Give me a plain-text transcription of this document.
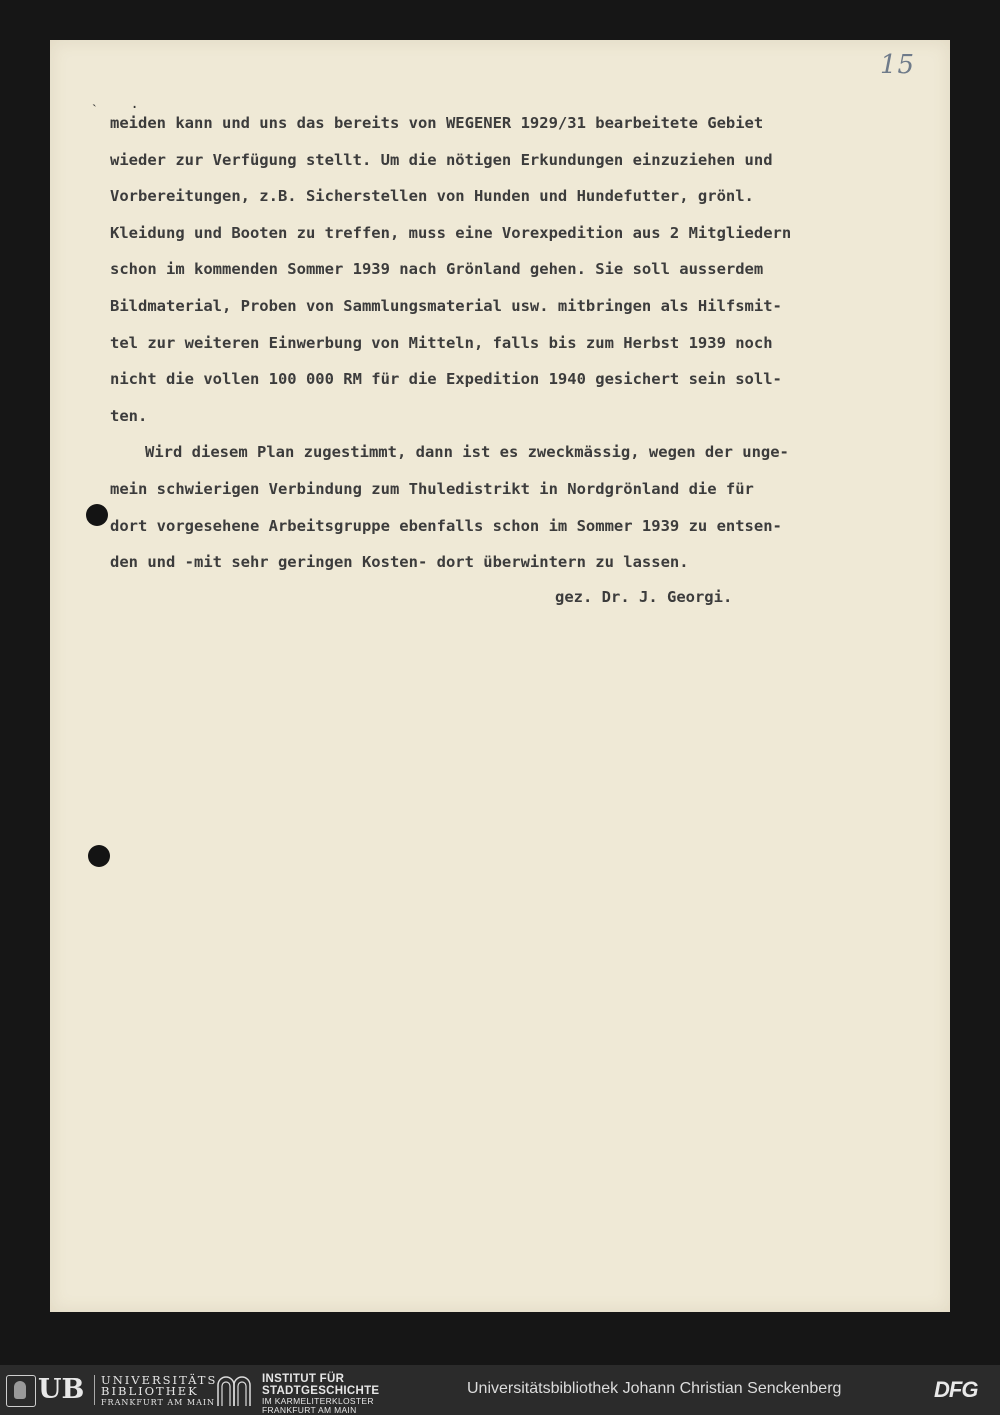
15
˴    .
meiden kann und uns das bereits von WEGENER 1929/31 bearbeitete Gebiet
wieder zur Verfügung stellt. Um die nötigen Erkundungen einzuziehen und
Vorbereitungen, z.B. Sicherstellen von Hunden und Hundefutter, grönl.
Kleidung und Booten zu treffen, muss eine Vorexpedition aus 2 Mitgliedern
schon im kommenden Sommer 1939 nach Grönland gehen. Sie soll ausserdem
Bildmaterial, Proben von Sammlungsmaterial usw. mitbringen als Hilfsmit-
tel zur weiteren Einwerbung von Mitteln, falls bis zum Herbst 1939 noch
nicht die vollen 100 000 RM für die Expedition 1940 gesichert sein soll-
ten.
Wird diesem Plan zugestimmt, dann ist es zweckmässig, wegen der unge-
mein schwierigen Verbindung zum Thuledistrikt in Nordgrönland die für
dort vorgesehene Arbeitsgruppe ebenfalls schon im Sommer 1939 zu entsen-
den und -mit sehr geringen Kosten- dort überwintern zu lassen.
gez. Dr. J. Georgi.
UB UNIVERSITÄTS
BIBLIOTHEK
FRANKFURT AM MAIN
INSTITUT FÜR
STADTGESCHICHTE
IM KARMELITERKLOSTER
FRANKFURT AM MAIN
Universitätsbibliothek Johann Christian Senckenberg	DFG
